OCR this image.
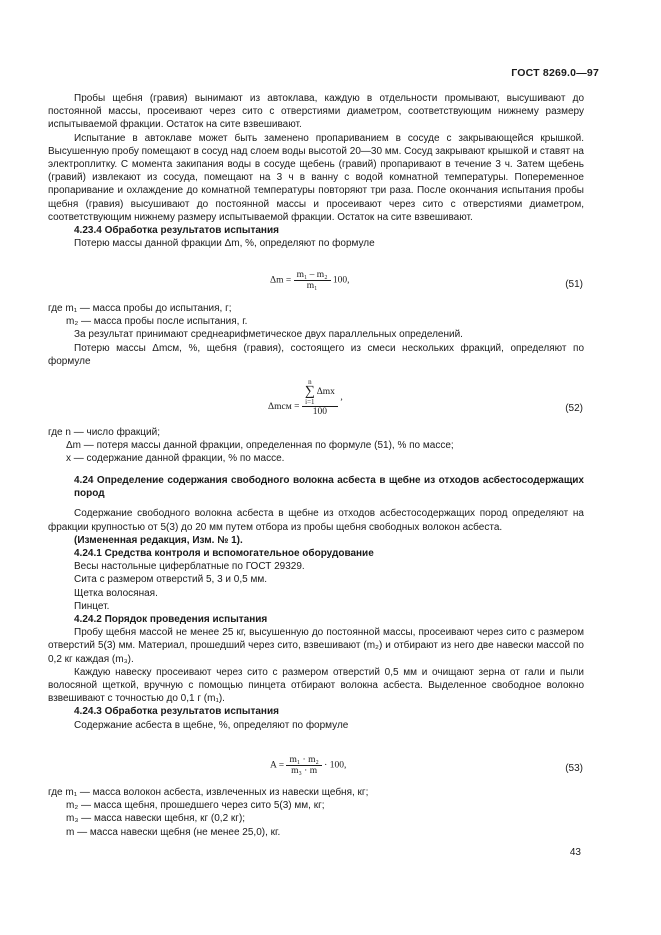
ГОСТ 8269.0—97

Пробы щебня (гравия) вынимают из автоклава, каждую в отдельности промывают, высушивают до постоянной массы, просеивают через сито с отверстиями диаметром, соответствующим нижнему размеру испытываемой фракции. Остаток на сите взвешивают.

Испытание в автоклаве может быть заменено пропариванием в сосуде с закрывающейся крышкой. Высушенную пробу помещают в сосуд над слоем воды высотой 20—30 мм. Сосуд закрывают крышкой и ставят на электроплитку. С момента закипания воды в сосуде щебень (гравий) пропаривают в течение 3 ч. Затем щебень (гравий) извлекают из сосуда, помещают на 3 ч в ванну с водой комнатной температуры. Попеременное пропаривание и охлаждение до комнатной температуры повторяют три раза. После окончания испытания пробы щебня (гравия) высушивают до постоянной массы и просеивают через сито с отверстиями диаметром, соответствующим нижнему размеру испытываемой фракции. Остаток на сите взвешивают.

4.23.4 Обработка результатов испытания

Потерю массы данной фракции Δm, %, определяют по формуле

$\Delta m = \frac{\text{m₁ – m₂}}{\text{m₁}} 100$,	(51)
где m₁ — масса пробы до испытания, г;
m₂ — масса пробы после испытания, г.

За результат принимают среднеарифметическое двух параллельных определений.

Потерю массы Δmсм, %, щебня (гравия), состоящего из смеси нескольких фракций, определяют по формуле

Δmсм = n
∑
i=1
Δmx
100 ,
(52)
где n — число фракций;
Δm — потеря массы данной фракции, определенная по формуле (51), % по массе;
x — содержание данной фракции, % по массе.

4.24 Определение содержания свободного волокна асбеста в щебне из отходов асбестосодержащих пород

Содержание свободного волокна асбеста в щебне из отходов асбестосодержащих пород определяют на фракции крупностью от 5(3) до 20 мм путем отбора из пробы щебня свободных волокон асбеста.

(Измененная редакция, Изм. № 1).

4.24.1 Средства контроля и вспомогательное оборудование

Весы настольные циферблатные по ГОСТ 29329.
Сита с размером отверстий 5, 3 и 0,5 мм.
Щетка волосяная.
Пинцет.

4.24.2 Порядок проведения испытания

Пробу щебня массой не менее 25 кг, высушенную до постоянной массы, просеивают через сито с размером отверстий 5(3) мм. Материал, прошедший через сито, взвешивают (m₂) и отбирают из него две навески массой по 0,2 кг каждая (m₃).

Каждую навеску просеивают через сито с размером отверстий 0,5 мм и очищают зерна от гали и пыли волосяной щеткой, вручную с помощью пинцета отбирают волокна асбеста. Выделенное свободное волокно взвешивают с точностью до 0,1 г (m₁).

4.24.3 Обработка результатов испытания

Содержание асбеста в щебне, %, определяют по формуле

$A = \frac{\text{m₁ · m₂}}{\text{m₃ · m}} \cdot 100$,	(53)
где m₁ — масса волокон асбеста, извлеченных из навески щебня, кг;
m₂ — масса щебня, прошедшего через сито 5(3) мм, кг;
m₃ — масса навески щебня, кг (0,2 кг);
m — масса навески щебня (не менее 25,0), кг.
43
